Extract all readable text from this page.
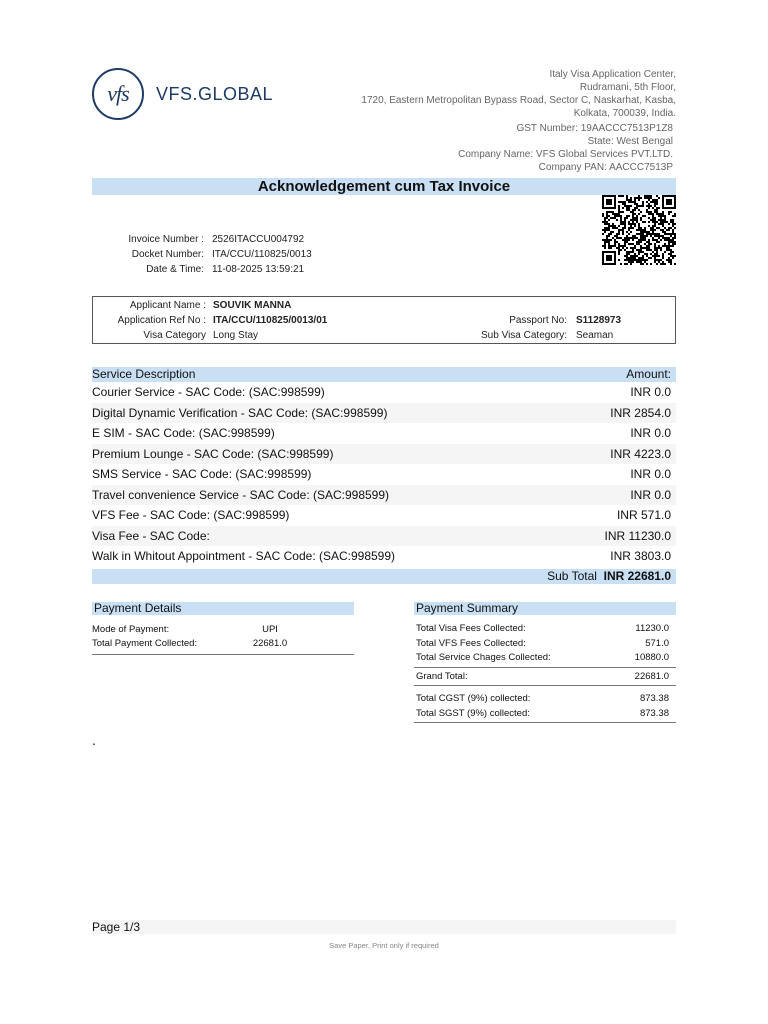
vfs VFS.GLOBAL
Italy Visa Application Center,
Rudramani, 5th Floor,
1720, Eastern Metropolitan Bypass Road, Sector C, Naskarhat, Kasba,
Kolkata, 700039, India.
GST Number: 19AACCC7513P1Z8
State: West Bengal
Company Name: VFS Global Services PVT.LTD.
Company PAN: AACCC7513P
Acknowledgement cum Tax Invoice
Invoice Number : 2526ITACCU004792
Docket Number: ITA/CCU/110825/0013
Date & Time: 11-08-2025 13:59:21
Applicant Name : SOUVIK MANNA
Application Ref No : ITA/CCU/110825/0013/01	Passport No: S1128973
Visa Category Long Stay	Sub Visa Category: Seaman
Service Description	Amount:
Courier Service - SAC Code: (SAC:998599)	INR 0.0
Digital Dynamic Verification - SAC Code: (SAC:998599)	INR 2854.0
E SIM - SAC Code: (SAC:998599)	INR 0.0
Premium Lounge - SAC Code: (SAC:998599)	INR 4223.0
SMS Service - SAC Code: (SAC:998599)	INR 0.0
Travel convenience Service - SAC Code: (SAC:998599)	INR 0.0
VFS Fee - SAC Code: (SAC:998599)	INR 571.0
Visa Fee - SAC Code:	INR 11230.0
Walk in Whitout Appointment - SAC Code: (SAC:998599)	INR 3803.0
Sub Total INR 22681.0
Payment Details
Mode of Payment:	UPI
Total Payment Collected:	22681.0
Payment Summary
Total Visa Fees Collected:	11230.0
Total VFS Fees Collected:	571.0
Total Service Chages Collected:	10880.0
Grand Total:	22681.0
Total CGST (9%) collected:	873.38
Total SGST (9%) collected:	873.38
.
Page 1/3
Save Paper, Print only if required
